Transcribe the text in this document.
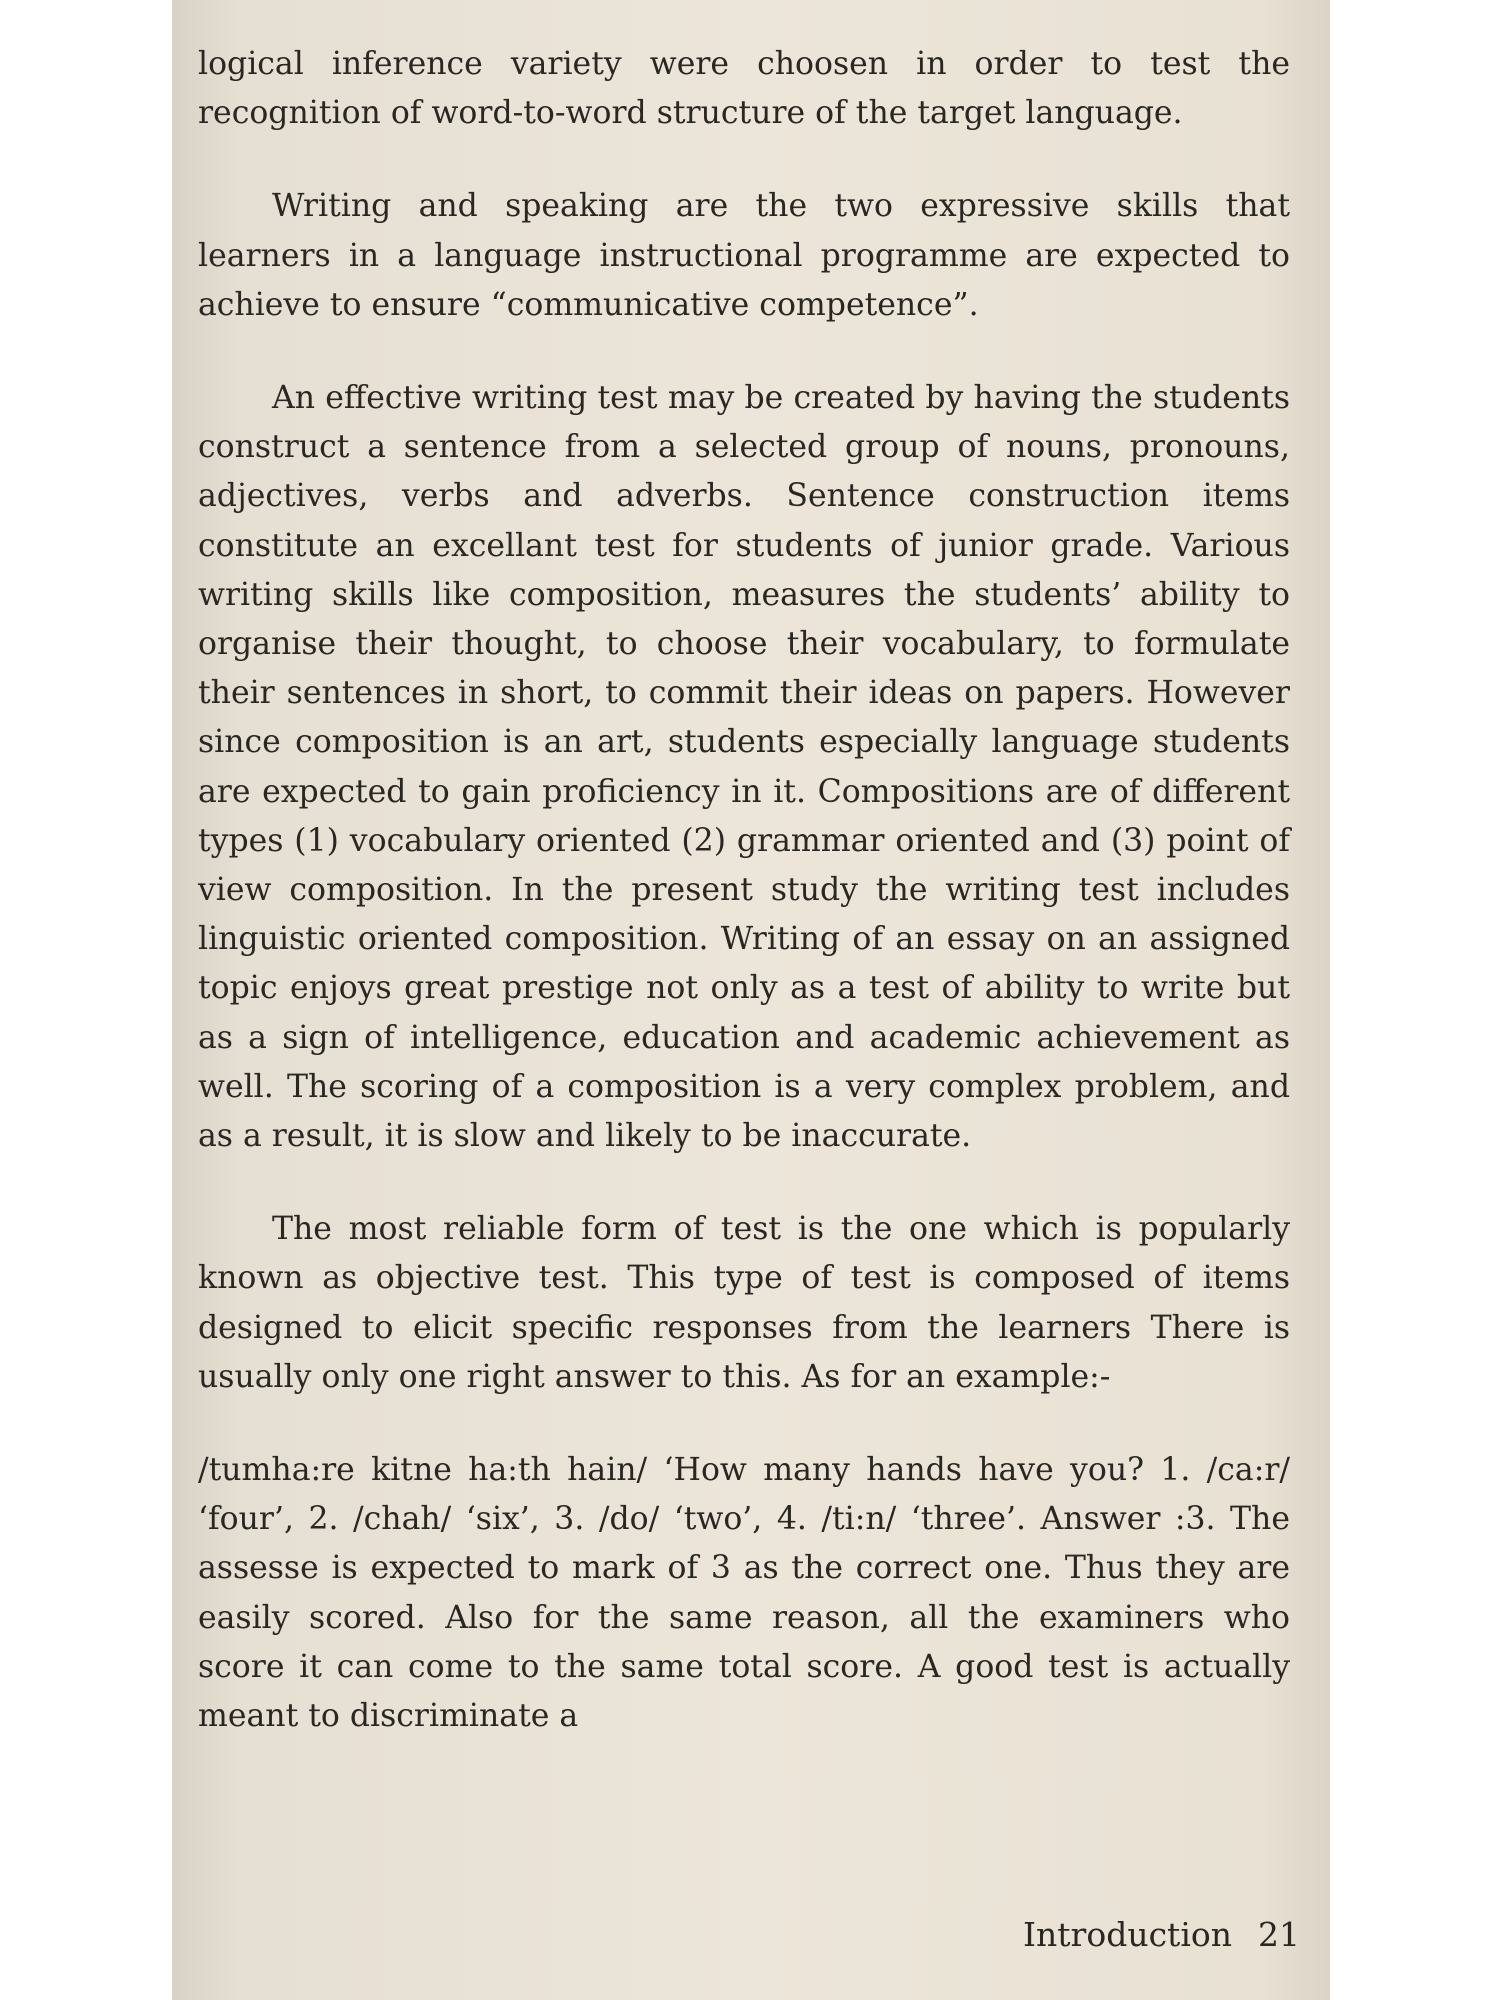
logical inference variety were choosen in order to test the recognition of word-to-word structure of the target language.

Writing and speaking are the two expressive skills that learners in a language instructional programme are expected to achieve to ensure “communicative competence”.

An effective writing test may be created by having the students construct a sentence from a selected group of nouns, pronouns, adjectives, verbs and adverbs. Sentence construction items constitute an excellant test for students of junior grade. Various writing skills like composition, measures the students’ ability to organise their thought, to choose their vocabulary, to formulate their sentences in short, to commit their ideas on papers. However since composition is an art, students especially language students are expected to gain proficiency in it. Compositions are of different types (1) vocabulary oriented (2) grammar oriented and (3) point of view composition. In the present study the writing test includes linguistic oriented composition. Writing of an essay on an assigned topic enjoys great prestige not only as a test of ability to write but as a sign of intelligence, education and academic achievement as well. The scoring of a composition is a very complex problem, and as a result, it is slow and likely to be inaccurate.

The most reliable form of test is the one which is popularly known as objective test. This type of test is composed of items designed to elicit specific responses from the learners There is usually only one right answer to this. As for an example:-

/tumha:re kitne ha:th hain/ ‘How many hands have you? 1. /ca:r/ ‘four’, 2. /chah/ ‘six’, 3. /do/ ‘two’, 4. /ti:n/ ‘three’. Answer :3. The assesse is expected to mark of 3 as the correct one. Thus they are easily scored. Also for the same reason, all the examiners who score it can come to the same total score. A good test is actually meant to discriminate a

Introduction 21
